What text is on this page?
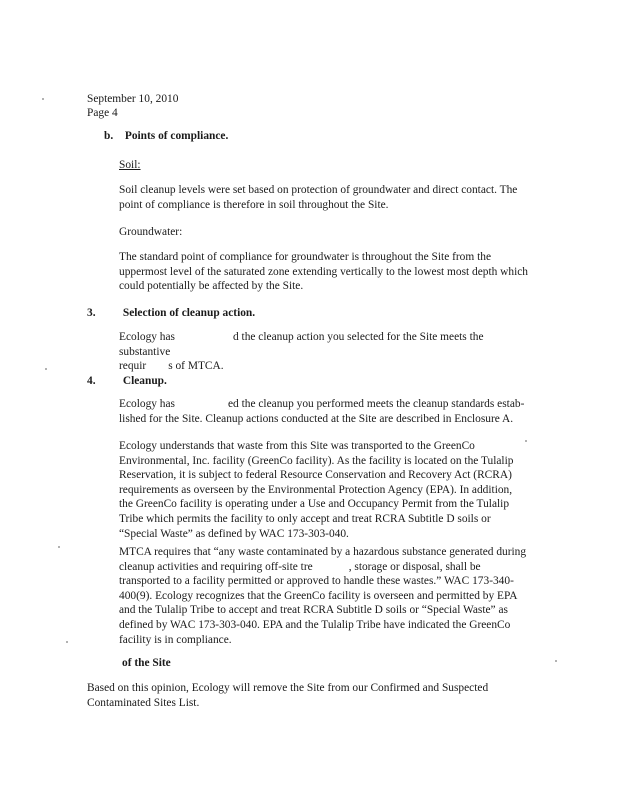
September 10, 2010
Page 4
b. Points of compliance.
Soil:
Soil cleanup levels were set based on protection of groundwater and direct contact. The
point of compliance is therefore in soil throughout the Site.
Groundwater:
The standard point of compliance for groundwater is throughout the Site from the
uppermost level of the saturated zone extending vertically to the lowest most depth which
could potentially be affected by the Site.
3. Selection of cleanup action.
Ecology has	d the cleanup action you selected for the Site meets the substantive
requir s of MTCA.
4. Cleanup.
Ecology has	ed the cleanup you performed meets the cleanup standards estab-
lished for the Site. Cleanup actions conducted at the Site are described in Enclosure A.
Ecology understands that waste from this Site was transported to the GreenCo
Environmental, Inc. facility (GreenCo facility). As the facility is located on the Tulalip
Reservation, it is subject to federal Resource Conservation and Recovery Act (RCRA)
requirements as overseen by the Environmental Protection Agency (EPA). In addition,
the GreenCo facility is operating under a Use and Occupancy Permit from the Tulalip
Tribe which permits the facility to only accept and treat RCRA Subtitle D soils or
“Special Waste” as defined by WAC 173-303-040.
MTCA requires that “any waste contaminated by a hazardous substance generated during
cleanup activities and requiring off-site tre	, storage or disposal, shall be
transported to a facility permitted or approved to handle these wastes.” WAC 173-340-
400(9). Ecology recognizes that the GreenCo facility is overseen and permitted by EPA
and the Tulalip Tribe to accept and treat RCRA Subtitle D soils or “Special Waste” as
defined by WAC 173-303-040. EPA and the Tulalip Tribe have indicated the GreenCo
facility is in compliance.
of the Site
Based on this opinion, Ecology will remove the Site from our Confirmed and Suspected
Contaminated Sites List.
